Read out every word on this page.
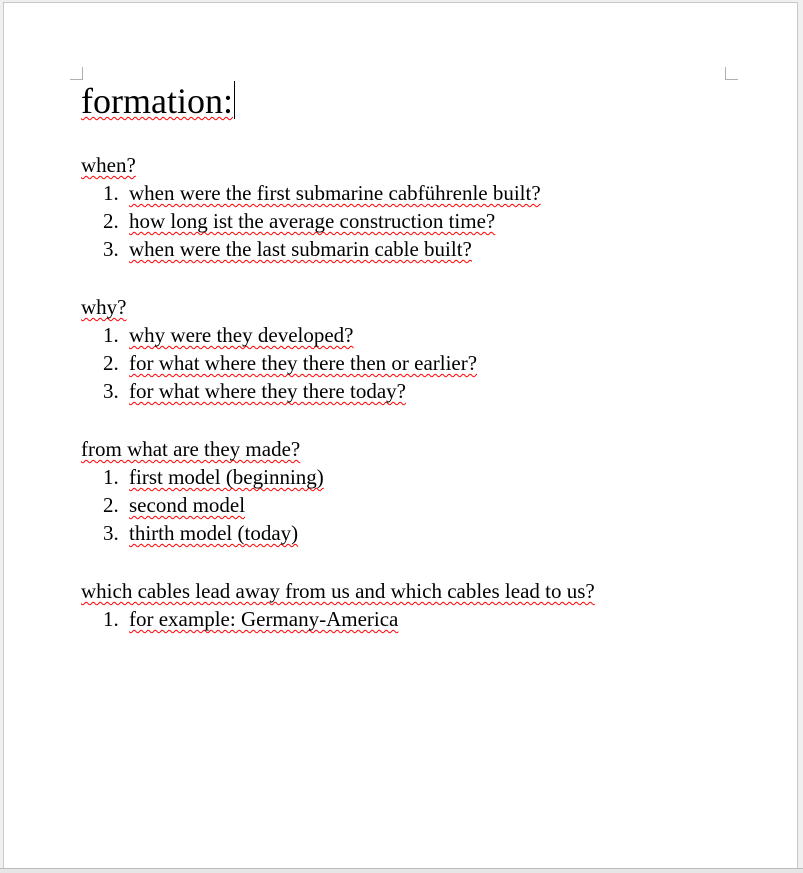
formation:
when?
1. when were the first submarine cabführenle built?
2. how long ist the average construction time?
3. when were the last submarin cable built?
why?
1. why were they developed?
2. for what where they there then or earlier?
3. for what where they there today?
from what are they made?
1. first model (beginning)
2. second model
3. thirth model (today)
which cables lead away from us and which cables lead to us?
1. for example: Germany-America
